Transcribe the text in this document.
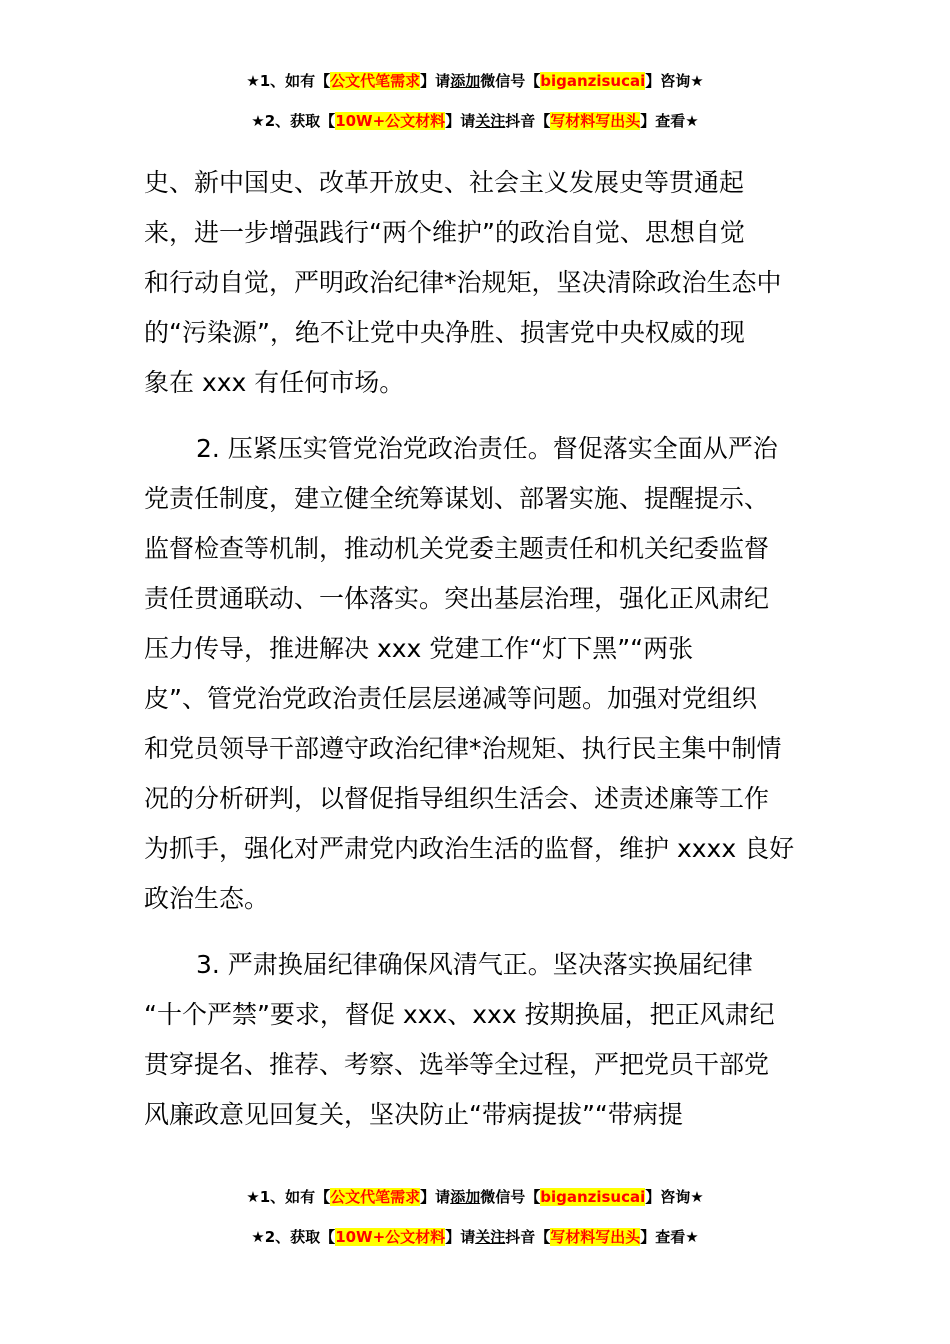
★1、如有【公文代笔需求】请添加微信号【biganzisucai】咨询★
★2、获取【10W+公文材料】请关注抖音【写材料写出头】查看★
史、新中国史、改革开放史、社会主义发展史等贯通起
来，进一步增强践行“两个维护”的政治自觉、思想自觉
和行动自觉，严明政治纪律*治规矩，坚决清除政治生态中
的“污染源”，绝不让党中央净胜、损害党中央权威的现
象在 xxx 有任何市场。
2. 压紧压实管党治党政治责任。督促落实全面从严治
党责任制度，建立健全统筹谋划、部署实施、提醒提示、
监督检查等机制，推动机关党委主题责任和机关纪委监督
责任贯通联动、一体落实。突出基层治理，强化正风肃纪
压力传导，推进解决 xxx 党建工作“灯下黑”“两张
皮”、管党治党政治责任层层递减等问题。加强对党组织
和党员领导干部遵守政治纪律*治规矩、执行民主集中制情
况的分析研判，以督促指导组织生活会、述责述廉等工作
为抓手，强化对严肃党内政治生活的监督，维护 xxxx 良好
政治生态。
3. 严肃换届纪律确保风清气正。坚决落实换届纪律
“十个严禁”要求，督促 xxx、xxx 按期换届，把正风肃纪
贯穿提名、推荐、考察、选举等全过程，严把党员干部党
风廉政意见回复关，坚决防止“带病提拔”“带病提
★1、如有【公文代笔需求】请添加微信号【biganzisucai】咨询★
★2、获取【10W+公文材料】请关注抖音【写材料写出头】查看★
